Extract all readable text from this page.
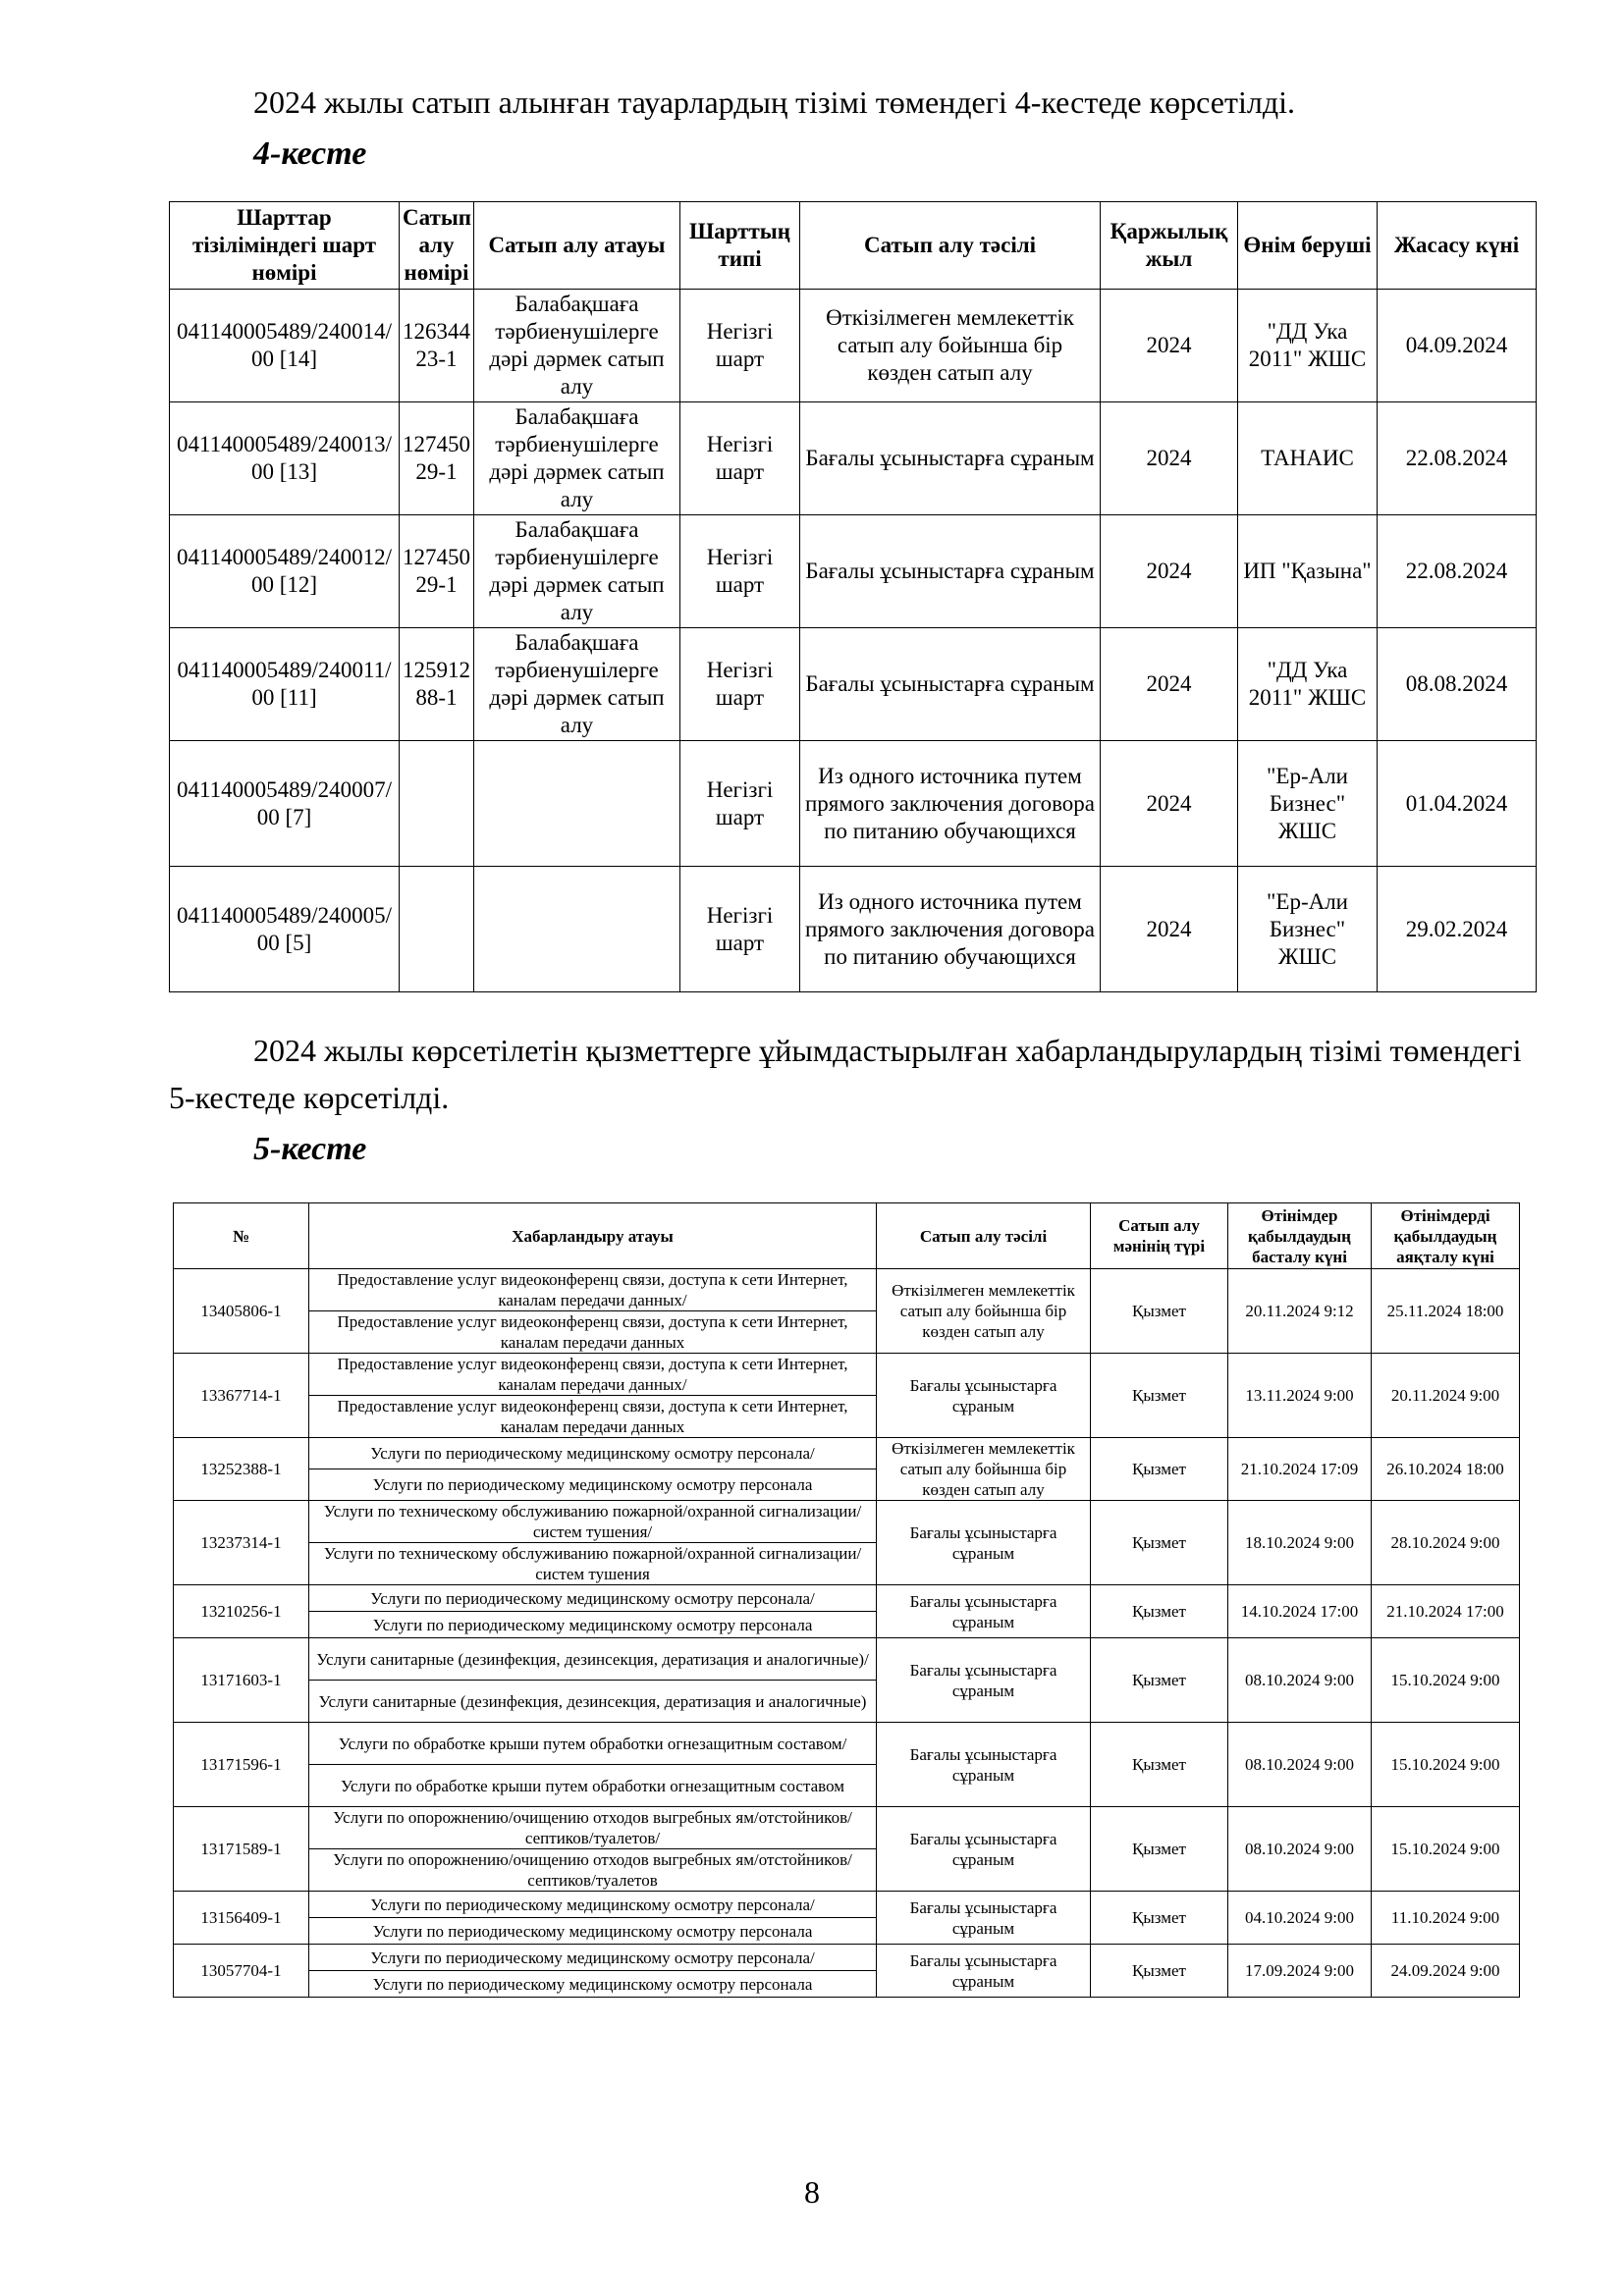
2024 жылы сатып алынған тауарлардың тізімі төмендегі 4-кестеде көрсетілді.

4-кесте

Шарттар тізіліміндегі шарт нөмірі	Сатып алу нөмірі	Сатып алу атауы	Шарттың типі	Сатып алу тәсілі	Қаржылық жыл	Өнім беруші	Жасасу күні
041140005489/240014/00 [14]	12634423-1	Балабақшаға тәрбиенушілерге дәрі дәрмек сатып алу	Негізгі шарт	Өткізілмеген мемлекеттік сатып алу бойынша бір көзден сатып алу	2024	"ДД Ука 2011" ЖШС	04.09.2024
041140005489/240013/00 [13]	12745029-1	Балабақшаға тәрбиенушілерге дәрі дәрмек сатып алу	Негізгі шарт	Бағалы ұсыныстарға сұраным	2024	ТАНАИС	22.08.2024
041140005489/240012/00 [12]	12745029-1	Балабақшаға тәрбиенушілерге дәрі дәрмек сатып алу	Негізгі шарт	Бағалы ұсыныстарға сұраным	2024	ИП "Қазына"	22.08.2024
041140005489/240011/00 [11]	12591288-1	Балабақшаға тәрбиенушілерге дәрі дәрмек сатып алу	Негізгі шарт	Бағалы ұсыныстарға сұраным	2024	"ДД Ука 2011" ЖШС	08.08.2024
041140005489/240007/00 [7]			Негізгі шарт	Из одного источника путем прямого заключения договора по питанию обучающихся	2024	"Ер-Али Бизнес" ЖШС	01.04.2024
041140005489/240005/00 [5]			Негізгі шарт	Из одного источника путем прямого заключения договора по питанию обучающихся	2024	"Ер-Али Бизнес" ЖШС	29.02.2024

2024 жылы көрсетілетін қызметтерге ұйымдастырылған хабарландырулардың тізімі төмендегі 5-кестеде көрсетілді.

5-кесте

№	Хабарландыру атауы	Сатып алу тәсілі	Сатып алу мәнінің түрі	Өтінімдер қабылдаудың басталу күні	Өтінімдерді қабылдаудың аяқталу күні
13405806-1	Предоставление услуг видеоконференц связи, доступа к сети Интернет, каналам передачи данных/	Өткізілмеген мемлекеттік сатып алу бойынша бір көзден сатып алу	Қызмет	20.11.2024 9:12	25.11.2024 18:00
	Предоставление услуг видеоконференц связи, доступа к сети Интернет, каналам передачи данных				
13367714-1	Предоставление услуг видеоконференц связи, доступа к сети Интернет, каналам передачи данных/	Бағалы ұсыныстарға сұраным	Қызмет	13.11.2024 9:00	20.11.2024 9:00
	Предоставление услуг видеоконференц связи, доступа к сети Интернет, каналам передачи данных				
13252388-1	Услуги по периодическому медицинскому осмотру персонала/	Өткізілмеген мемлекеттік сатып алу бойынша бір көзден сатып алу	Қызмет	21.10.2024 17:09	26.10.2024 18:00
	Услуги по периодическому медицинскому осмотру персонала				
13237314-1	Услуги по техническому обслуживанию пожарной/охранной сигнализации/систем тушения/	Бағалы ұсыныстарға сұраным	Қызмет	18.10.2024 9:00	28.10.2024 9:00
	Услуги по техническому обслуживанию пожарной/охранной сигнализации/систем тушения				
13210256-1	Услуги по периодическому медицинскому осмотру персонала/	Бағалы ұсыныстарға сұраным	Қызмет	14.10.2024 17:00	21.10.2024 17:00
	Услуги по периодическому медицинскому осмотру персонала				
13171603-1	Услуги санитарные (дезинфекция, дезинсекция, дератизация и аналогичные)/	Бағалы ұсыныстарға сұраным	Қызмет	08.10.2024 9:00	15.10.2024 9:00
	Услуги санитарные (дезинфекция, дезинсекция, дератизация и аналогичные)				
13171596-1	Услуги по обработке крыши путем обработки огнезащитным составом/	Бағалы ұсыныстарға сұраным	Қызмет	08.10.2024 9:00	15.10.2024 9:00
	Услуги по обработке крыши путем обработки огнезащитным составом				
13171589-1	Услуги по опорожнению/очищению отходов выгребных ям/отстойников/септиков/туалетов/	Бағалы ұсыныстарға сұраным	Қызмет	08.10.2024 9:00	15.10.2024 9:00
	Услуги по опорожнению/очищению отходов выгребных ям/отстойников/септиков/туалетов				
13156409-1	Услуги по периодическому медицинскому осмотру персонала/	Бағалы ұсыныстарға сұраным	Қызмет	04.10.2024 9:00	11.10.2024 9:00
	Услуги по периодическому медицинскому осмотру персонала				
13057704-1	Услуги по периодическому медицинскому осмотру персонала/	Бағалы ұсыныстарға сұраным	Қызмет	17.09.2024 9:00	24.09.2024 9:00
	Услуги по периодическому медицинскому осмотру персонала				
8
